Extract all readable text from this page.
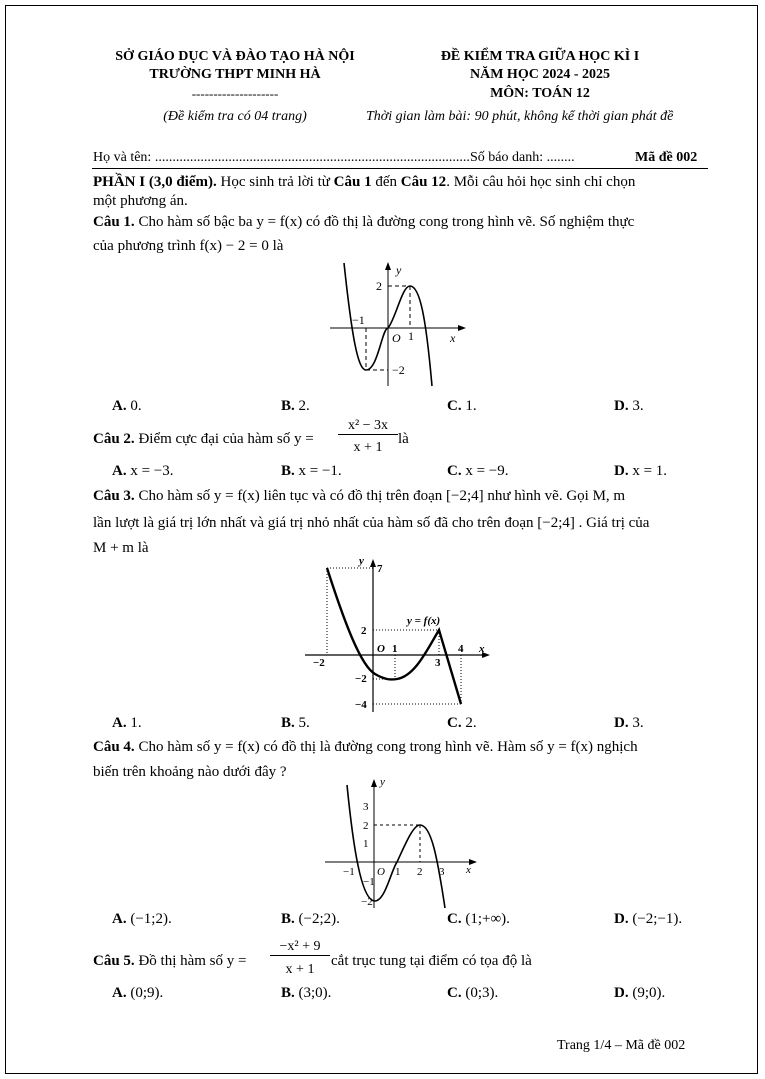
SỞ GIÁO DỤC VÀ ĐÀO TẠO HÀ NỘI
TRƯỜNG THPT MINH HÀ
--------------------
(Đề kiểm tra có 04 trang)
ĐỀ KIỂM TRA GIỮA HỌC KÌ I
NĂM HỌC 2024 - 2025
MÔN: TOÁN 12
Thời gian làm bài: 90 phút, không kể thời gian phát đề
Họ và tên: .......................................................................................... Số báo danh: ........	Mã đề 002
PHẦN I (3,0 điểm). Học sinh trả lời từ Câu 1 đến Câu 12. Mỗi câu hỏi học sinh chỉ chọn
một phương án.
Câu 1. Cho hàm số bậc ba y = f(x) có đồ thị là đường cong trong hình vẽ. Số nghiệm thực
của phương trình f(x) − 2 = 0 là
y
x
O
2
−1
1
−2
A. 0.	B. 2.	C. 1.	D. 3.
Câu 2. Điểm cực đại của hàm số y =
x² − 3x
x + 1
là
A. x = −3.	B. x = −1.	C. x = −9.	D. x = 1.
Câu 3. Cho hàm số y = f(x) liên tục và có đồ thị trên đoạn [−2;4] như hình vẽ. Gọi M, m
lần lượt là giá trị lớn nhất và giá trị nhỏ nhất của hàm số đã cho trên đoạn [−2;4] . Giá trị của
M + m là
y
x
7
2
−2
−4
−2
O 1
3
4
y = f(x)
A. 1.	B. 5.	C. 2.	D. 3.
Câu 4. Cho hàm số y = f(x) có đồ thị là đường cong trong hình vẽ. Hàm số y = f(x) nghịch
biến trên khoảng nào dưới đây ?
y
x
O
3
2
1
−1
−2
−1	1 2 3
A. (−1;2).	B. (−2;2).	C. (1;+∞).	D. (−2;−1).
Câu 5. Đồ thị hàm số y =
−x² + 9
x + 1
cắt trục tung tại điểm có tọa độ là
A. (0;9).	B. (3;0).	C. (0;3).	D. (9;0).
Trang 1/4 – Mã đề 002
